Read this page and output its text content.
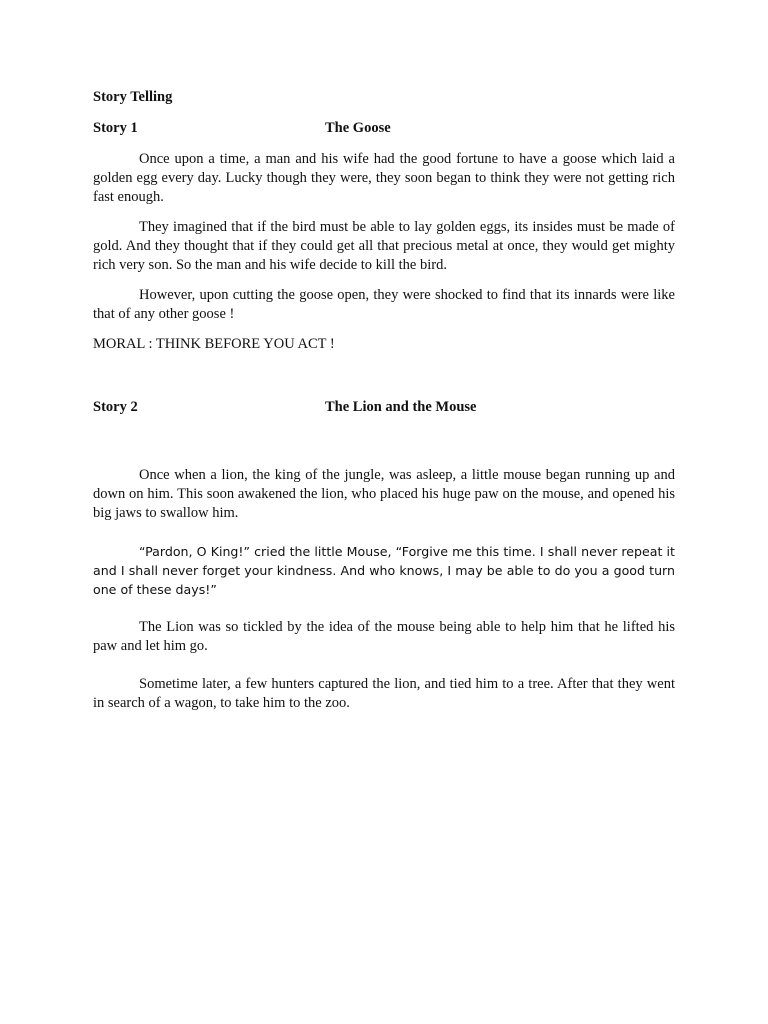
Story Telling
Story 1	The Goose

Once upon a time, a man and his wife had the good fortune to have a goose which laid a golden egg every day. Lucky though they were, they soon began to think they were not getting rich fast enough.

They imagined that if the bird must be able to lay golden eggs, its insides must be made of gold. And they thought that if they could get all that precious metal at once, they would get mighty rich very son. So the man and his wife decide to kill the bird.

However, upon cutting the goose open, they were shocked to find that its innards were like that of any other goose !

MORAL : THINK BEFORE YOU ACT !

Story 2	The Lion and the Mouse

Once when a lion, the king of the jungle, was asleep, a little mouse began running up and down on him. This soon awakened the lion, who placed his huge paw on the mouse, and opened his big jaws to swallow him.

“Pardon, O King!” cried the little Mouse, “Forgive me this time. I shall never repeat it and I shall never forget your kindness. And who knows, I may be able to do you a good turn one of these days!”

The Lion was so tickled by the idea of the mouse being able to help him that he lifted his paw and let him go.

Sometime later, a few hunters captured the lion, and tied him to a tree. After that they went in search of a wagon, to take him to the zoo.
